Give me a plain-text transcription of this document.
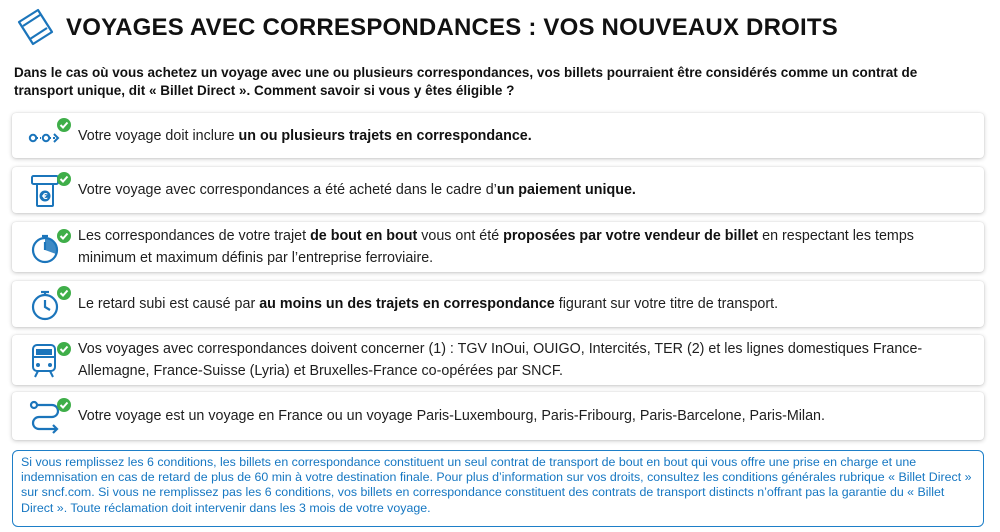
VOYAGES AVEC CORRESPONDANCES : VOS NOUVEAUX DROITS
Dans le cas où vous achetez un voyage avec une ou plusieurs correspondances, vos billets pourraient être considérés comme un contrat de transport unique, dit « Billet Direct ». Comment savoir si vous y êtes éligible ?
Votre voyage doit inclure un ou plusieurs trajets en correspondance.
€ Votre voyage avec correspondances a été acheté dans le cadre d’un paiement unique.
Les correspondances de votre trajet de bout en bout vous ont été proposées par votre vendeur de billet en respectant les temps minimum et maximum définis par l’entreprise ferroviaire.
Le retard subi est causé par au moins un des trajets en correspondance figurant sur votre titre de transport.
Vos voyages avec correspondances doivent concerner (1) : TGV InOui, OUIGO, Intercités, TER (2) et les lignes domestiques France-Allemagne, France-Suisse (Lyria) et Bruxelles-France co-opérées par SNCF.
Votre voyage est un voyage en France ou un voyage Paris-Luxembourg, Paris-Fribourg, Paris-Barcelone, Paris-Milan.
Si vous remplissez les 6 conditions, les billets en correspondance constituent un seul contrat de transport de bout en bout qui vous offre une prise en charge et une indemnisation en cas de retard de plus de 60 min à votre destination finale. Pour plus d’information sur vos droits, consultez les conditions générales rubrique « Billet Direct » sur sncf.com. Si vous ne remplissez pas les 6 conditions, vos billets en correspondance constituent des contrats de transport distincts n’offrant pas la garantie du « Billet Direct ». Toute réclamation doit intervenir dans les 3 mois de votre voyage.
